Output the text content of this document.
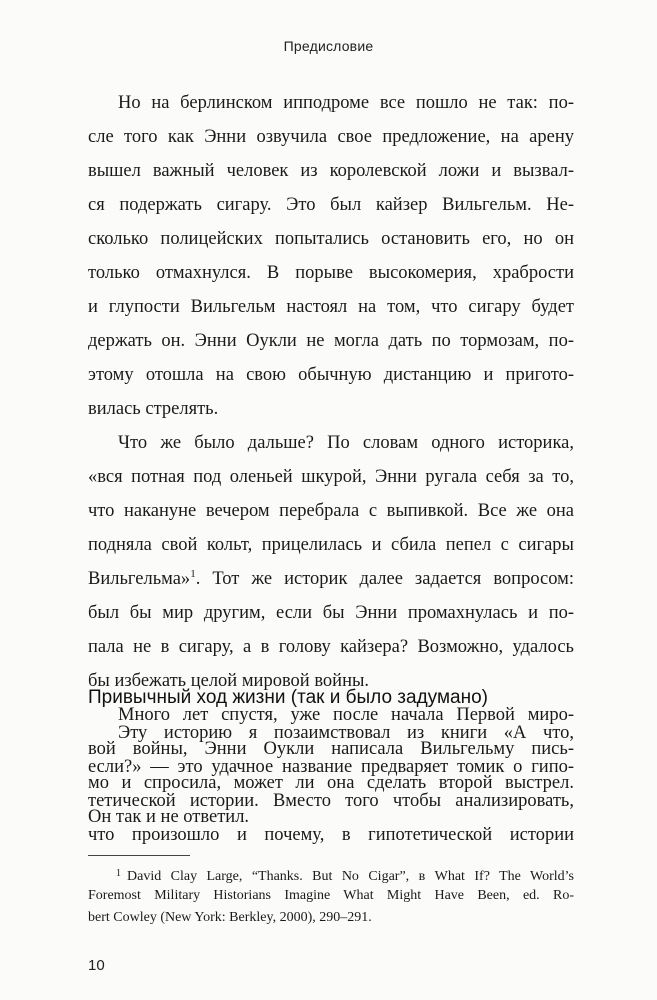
Предисловие
Но на берлинском ипподроме все пошло не так: по-
сле того как Энни озвучила свое предложение, на арену
вышел важный человек из королевской ложи и вызвал-
ся подержать сигару. Это был кайзер Вильгельм. Не-
сколько полицейских попытались остановить его, но он
только отмахнулся. В порыве высокомерия, храбрости
и глупости Вильгельм настоял на том, что сигару будет
держать он. Энни Оукли не могла дать по тормозам, по-
этому отошла на свою обычную дистанцию и пригото-
вилась стрелять.
Что же было дальше? По словам одного историка,
«вся потная под оленьей шкурой, Энни ругала себя за то,
что накануне вечером перебрала с выпивкой. Все же она
подняла свой кольт, прицелилась и сбила пепел с сигары
Вильгельма»$^1$. Тот же историк далее задается вопросом:
был бы мир другим, если бы Энни промахнулась и по-
пала не в сигару, а в голову кайзера? Возможно, удалось
бы избежать целой мировой войны.
Много лет спустя, уже после начала Первой миро-
вой войны, Энни Оукли написала Вильгельму пись-
мо и спросила, может ли она сделать второй выстрел.
Он так и не ответил.
Привычный ход жизни (так и было задумано)
Эту историю я позаимствовал из книги «А что,
если?» — это удачное название предваряет томик о гипо-
тетической истории. Вместо того чтобы анализировать,
что произошло и почему, в гипотетической истории
$^1$ David Clay Large, “Thanks. But No Cigar”, в What If? The World’s
Foremost Military Historians Imagine What Might Have Been, ed. Ro-
bert Cowley (New York: Berkley, 2000), 290–291.
10
